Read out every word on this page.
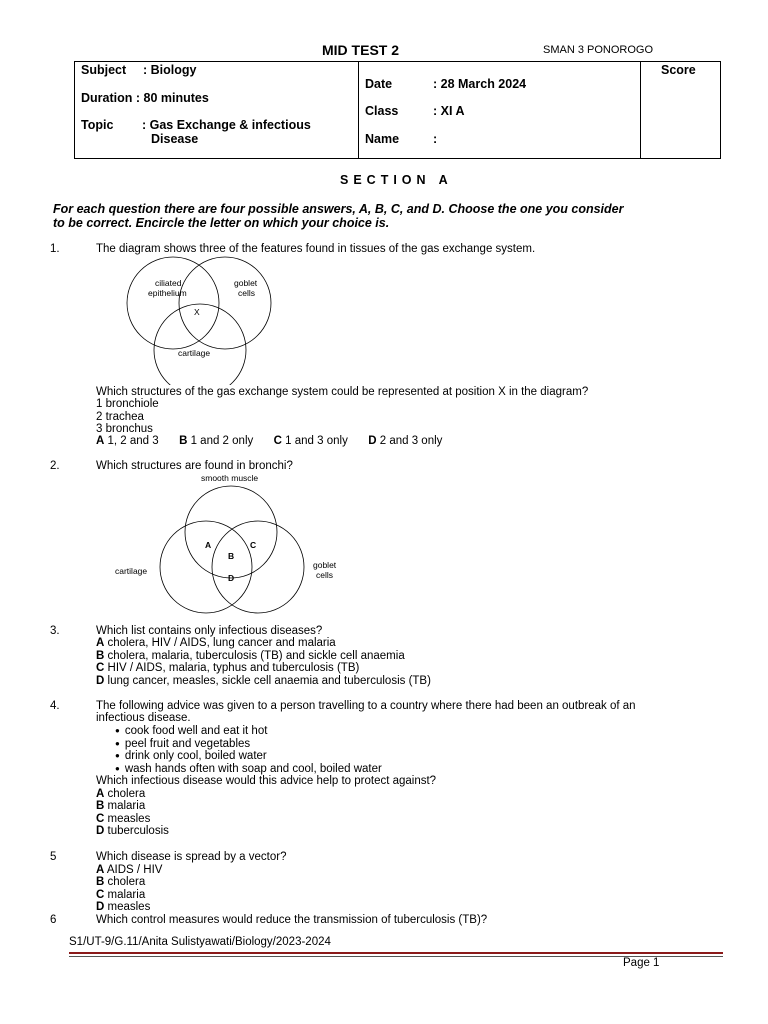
MID TEST 2	SMAN 3 PONOROGO
Subject : Biology
Duration : 80 minutes
Topic : Gas Exchange & infectious
Disease

Date	: 28 March 2024
Class	: XI A
Name	:

Score
SECTION A
For each question there are four possible answers, A, B, C, and D. Choose the one you consider
to be correct. Encircle the letter on which your choice is.
1.	The diagram shows three of the features found in tissues of the gas exchange system.
ciliated
epithelium
goblet
cells
X
cartilage
Which structures of the gas exchange system could be represented at position X in the diagram?
1 bronchiole
2 trachea
3 bronchus
A 1, 2 and 3 B 1 and 2 only C 1 and 3 only D 2 and 3 only
2.	Which structures are found in bronchi?
smooth muscle
cartilage
goblet
cells
A
B
C
D
3.	Which list contains only infectious diseases?
A cholera, HIV / AIDS, lung cancer and malaria
B cholera, malaria, tuberculosis (TB) and sickle cell anaemia
C HIV / AIDS, malaria, typhus and tuberculosis (TB)
D lung cancer, measles, sickle cell anaemia and tuberculosis (TB)
4.	The following advice was given to a person travelling to a country where there had been an outbreak of an
infectious disease.
● cook food well and eat it hot
● peel fruit and vegetables
● drink only cool, boiled water
● wash hands often with soap and cool, boiled water
Which infectious disease would this advice help to protect against?
A cholera
B malaria
C measles
D tuberculosis
5	Which disease is spread by a vector?
A AIDS / HIV
B cholera
C malaria
D measles
6	Which control measures would reduce the transmission of tuberculosis (TB)?
S1/UT-9/G.11/Anita Sulistyawati/Biology/2023-2024
Page 1
